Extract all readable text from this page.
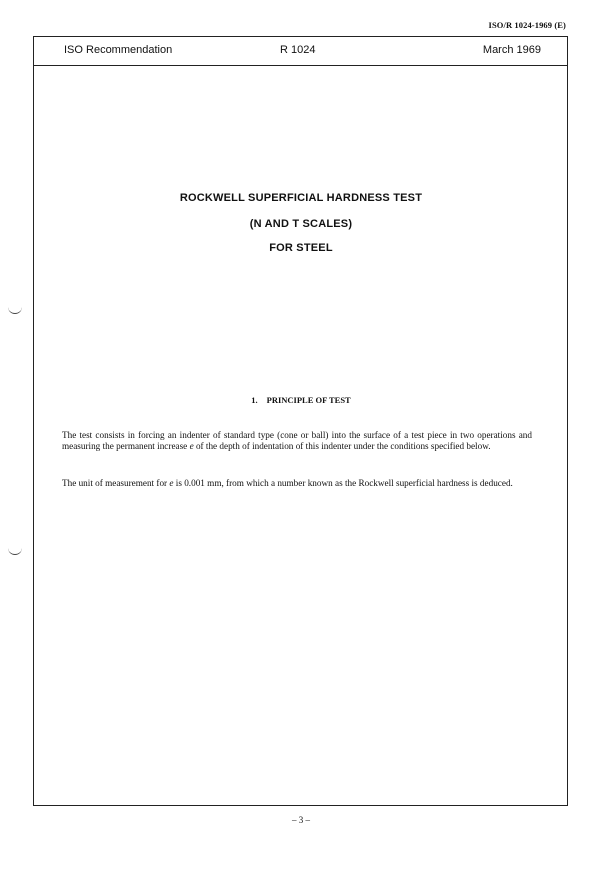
ISO/R 1024-1969 (E)
ISO Recommendation	R 1024	March 1969
ROCKWELL SUPERFICIAL HARDNESS TEST
(N AND T SCALES)
FOR STEEL
1. PRINCIPLE OF TEST
The test consists in forcing an indenter of standard type (cone or ball) into the surface of a test piece in two operations and measuring the permanent increase e of the depth of indentation of this indenter under the conditions specified below.
The unit of measurement for e is 0.001 mm, from which a number known as the Rockwell superficial hardness is deduced.
– 3 –
